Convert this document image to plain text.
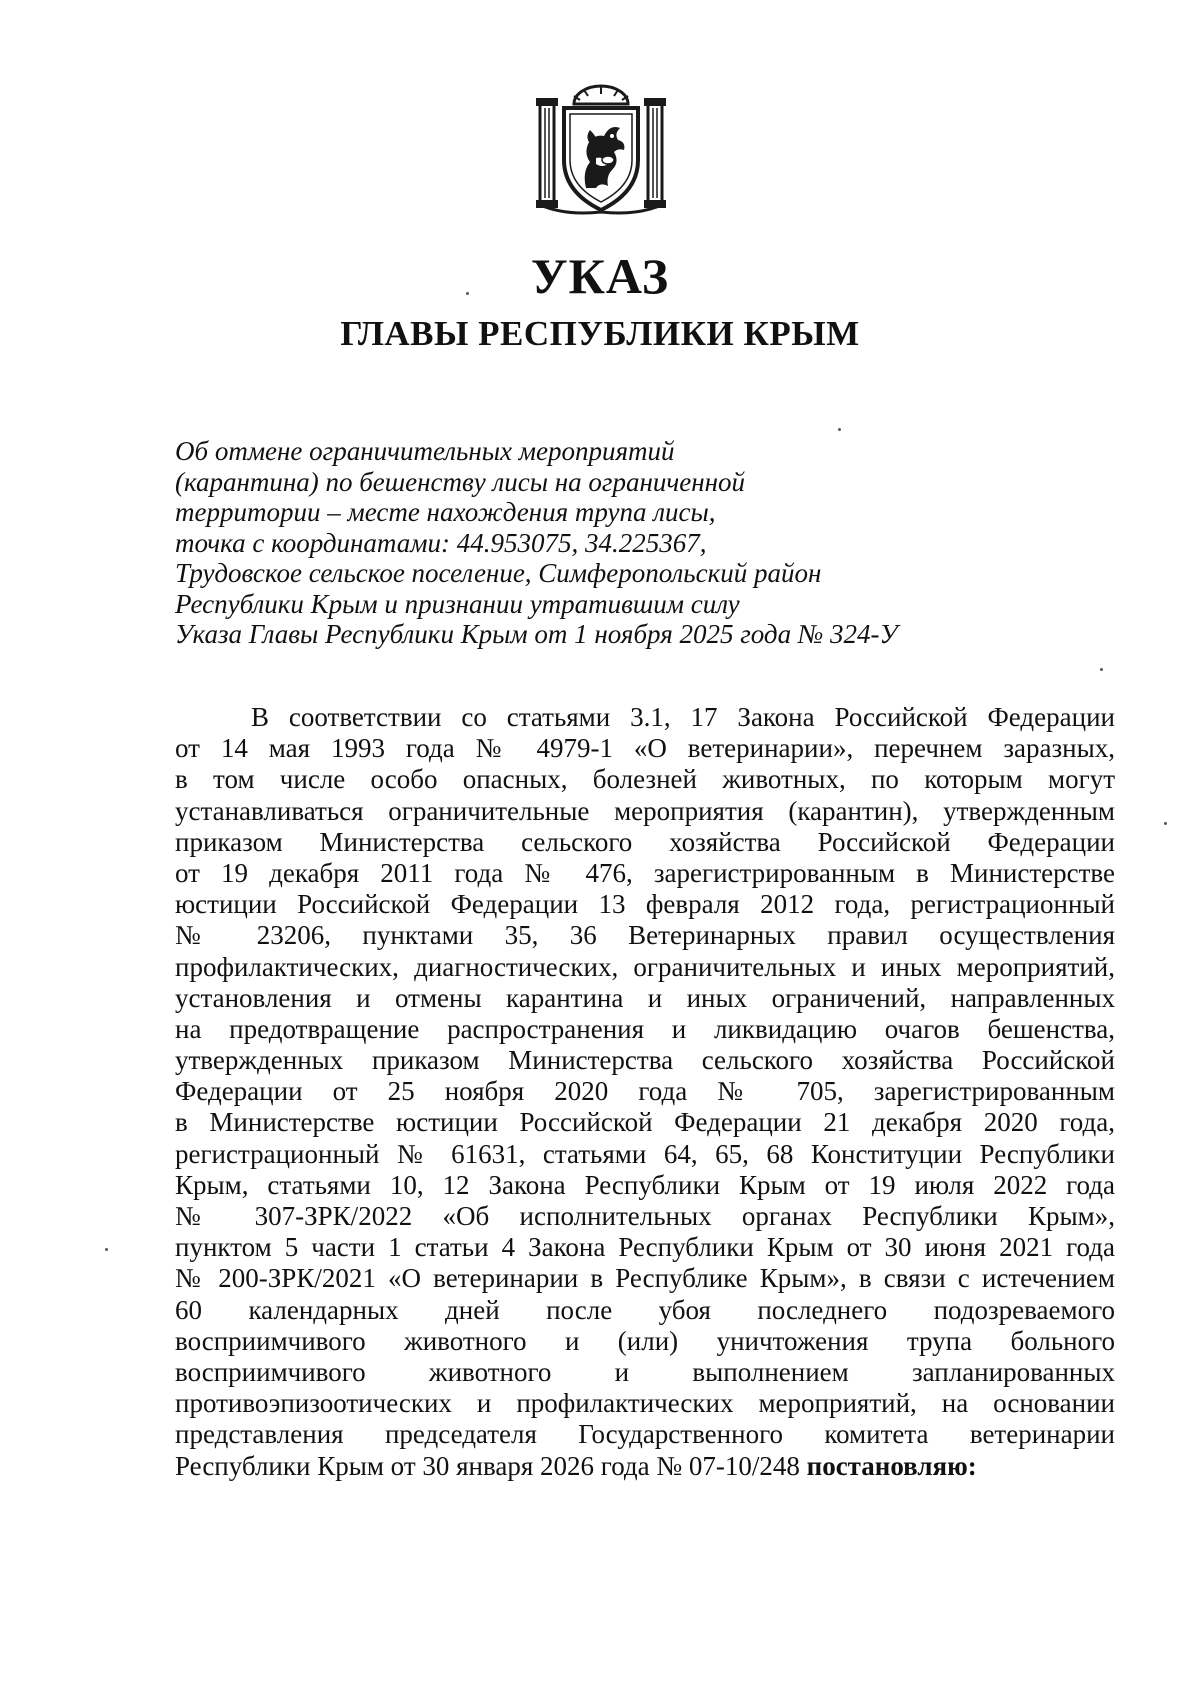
УКАЗ
ГЛАВЫ РЕСПУБЛИКИ КРЫМ
Об отмене ограничительных мероприятий
(карантина) по бешенству лисы на ограниченной
территории – месте нахождения трупа лисы,
точка с координатами: 44.953075, 34.225367,
Трудовское сельское поселение, Симферопольский район
Республики Крым и признании утратившим силу
Указа Главы Республики Крым от 1 ноября 2025 года № 324-У
В соответствии со статьями 3.1, 17 Закона Российской Федерации
от 14 мая 1993 года № 4979-1 «О ветеринарии», перечнем заразных,
в том числе особо опасных, болезней животных, по которым могут
устанавливаться ограничительные мероприятия (карантин), утвержденным
приказом Министерства сельского хозяйства Российской Федерации
от 19 декабря 2011 года № 476, зарегистрированным в Министерстве
юстиции Российской Федерации 13 февраля 2012 года, регистрационный
№ 23206, пунктами 35, 36 Ветеринарных правил осуществления
профилактических, диагностических, ограничительных и иных мероприятий,
установления и отмены карантина и иных ограничений, направленных
на предотвращение распространения и ликвидацию очагов бешенства,
утвержденных приказом Министерства сельского хозяйства Российской
Федерации от 25 ноября 2020 года № 705, зарегистрированным
в Министерстве юстиции Российской Федерации 21 декабря 2020 года,
регистрационный № 61631, статьями 64, 65, 68 Конституции Республики
Крым, статьями 10, 12 Закона Республики Крым от 19 июля 2022 года
№ 307-ЗРК/2022 «Об исполнительных органах Республики Крым»,
пунктом 5 части 1 статьи 4 Закона Республики Крым от 30 июня 2021 года
№ 200-ЗРК/2021 «О ветеринарии в Республике Крым», в связи с истечением
60 календарных дней после убоя последнего подозреваемого
восприимчивого животного и (или) уничтожения трупа больного
восприимчивого животного и выполнением запланированных
противоэпизоотических и профилактических мероприятий, на основании
представления председателя Государственного комитета ветеринарии
Республики Крым от 30 января 2026 года № 07-10/248 постановляю:
